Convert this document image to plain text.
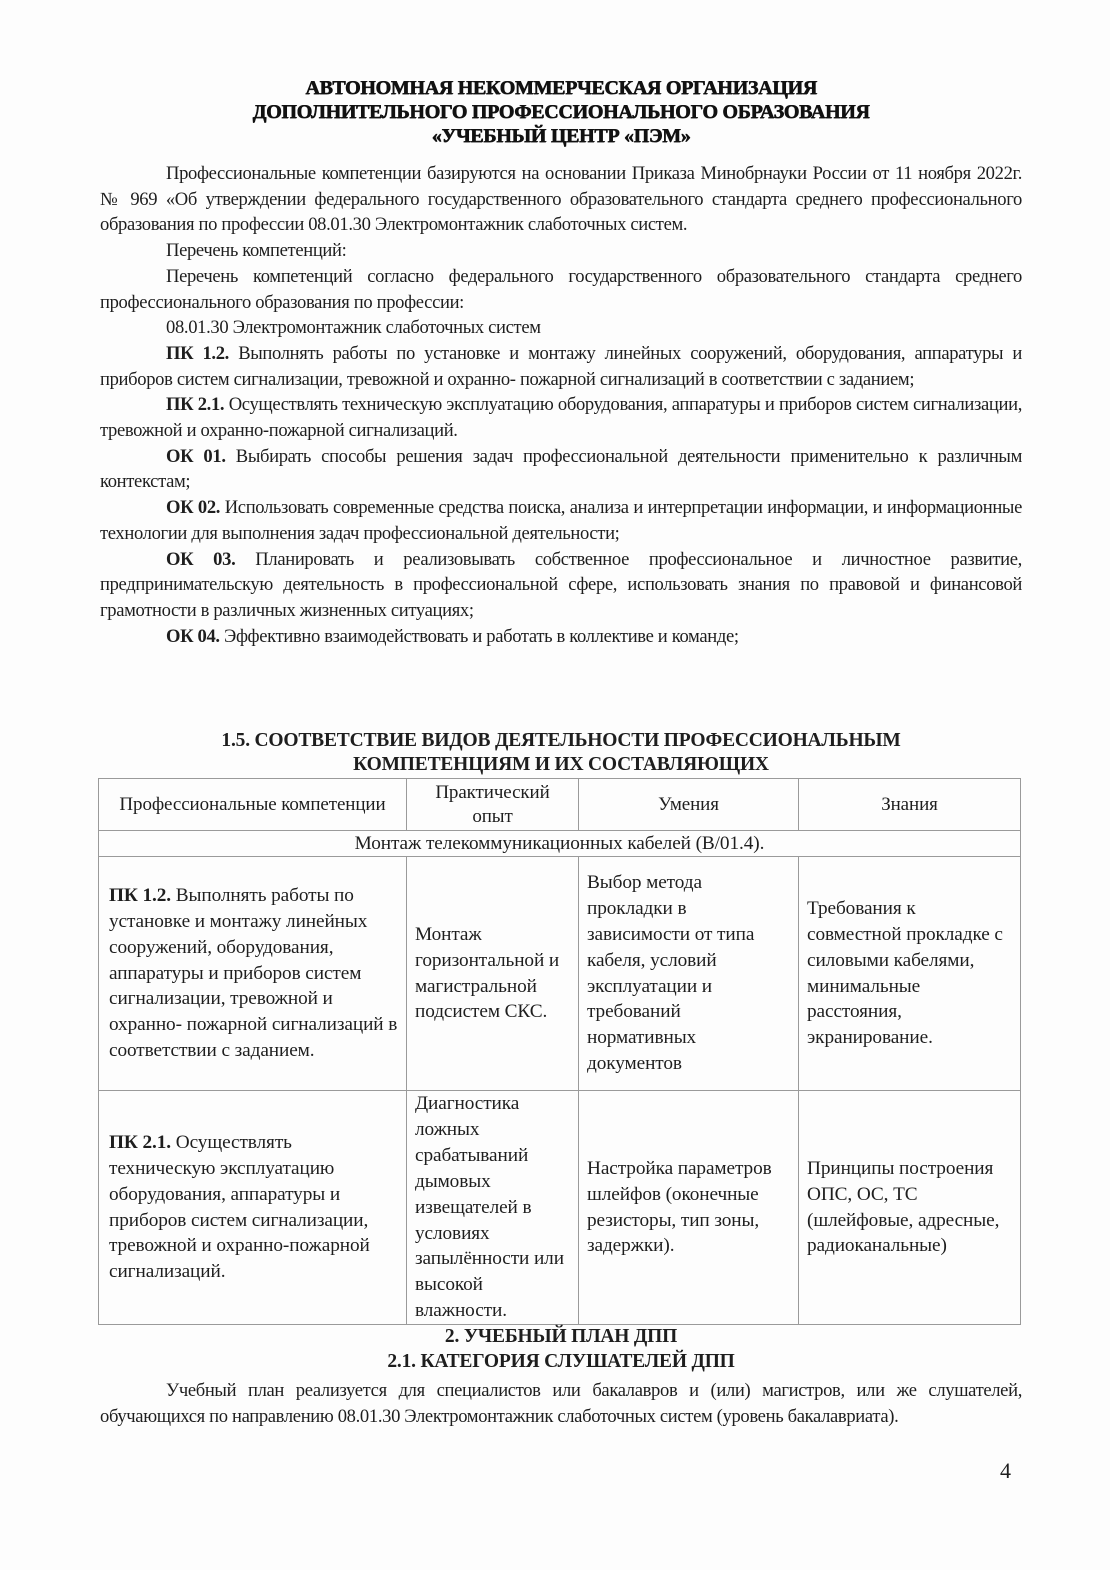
АВТОНОМНАЯ НЕКОММЕРЧЕСКАЯ ОРГАНИЗАЦИЯ
ДОПОЛНИТЕЛЬНОГО ПРОФЕССИОНАЛЬНОГО ОБРАЗОВАНИЯ
«УЧЕБНЫЙ ЦЕНТР «ПЭМ»

Профессиональные компетенции базируются на основании Приказа Минобрнауки России от 11 ноября 2022г. № 969 «Об утверждении федерального государственного образовательного стандарта среднего профессионального образования по профессии 08.01.30 Электромонтажник слаботочных систем.

Перечень компетенций:

Перечень компетенций согласно федерального государственного образовательного стандарта среднего профессионального образования по профессии:

08.01.30 Электромонтажник слаботочных систем

ПК 1.2. Выполнять работы по установке и монтажу линейных сооружений, оборудования, аппаратуры и приборов систем сигнализации, тревожной и охранно- пожарной сигнализаций в соответствии с заданием;

ПК 2.1. Осуществлять техническую эксплуатацию оборудования, аппаратуры и приборов систем сигнализации, тревожной и охранно-пожарной сигнализаций.

ОК 01. Выбирать способы решения задач профессиональной деятельности применительно к различным контекстам;

ОК 02. Использовать современные средства поиска, анализа и интерпретации информации, и информационные технологии для выполнения задач профессиональной деятельности;

ОК 03. Планировать и реализовывать собственное профессиональное и личностное развитие, предпринимательскую деятельность в профессиональной сфере, использовать знания по правовой и финансовой грамотности в различных жизненных ситуациях;

ОК 04. Эффективно взаимодействовать и работать в коллективе и команде;

1.5. СООТВЕТСТВИЕ ВИДОВ ДЕЯТЕЛЬНОСТИ ПРОФЕССИОНАЛЬНЫМ
КОМПЕТЕНЦИЯМ И ИХ СОСТАВЛЯЮЩИХ
Профессиональные компетенции	Практический опыт	Умения	Знания
Монтаж телекоммуникационных кабелей (В/01.4).			
ПК 1.2. Выполнять работы по установке и монтажу линейных сооружений, оборудования, аппаратуры и приборов систем сигнализации, тревожной и охранно- пожарной сигнализаций в соответствии с заданием.	Монтаж горизонтальной и магистральной подсистем СКС.	Выбор метода прокладки в зависимости от типа кабеля, условий эксплуатации и требований нормативных документов	Требования к совместной прокладке с силовыми кабелями, минимальные расстояния, экранирование.
ПК 2.1. Осуществлять техническую эксплуатацию оборудования, аппаратуры и приборов систем сигнализации, тревожной и охранно-пожарной сигнализаций.	Диагностика ложных срабатываний дымовых извещателей в условиях запылённости или высокой влажности.	Настройка параметров шлейфов (оконечные резисторы, тип зоны, задержки).	Принципы построения ОПС, ОС, ТС (шлейфовые, адресные, радиоканальные)
2. УЧЕБНЫЙ ПЛАН ДПП
2.1. КАТЕГОРИЯ СЛУШАТЕЛЕЙ ДПП

Учебный план реализуется для специалистов или бакалавров и (или) магистров, или же слушателей, обучающихся по направлению 08.01.30 Электромонтажник слаботочных систем (уровень бакалавриата).

4
